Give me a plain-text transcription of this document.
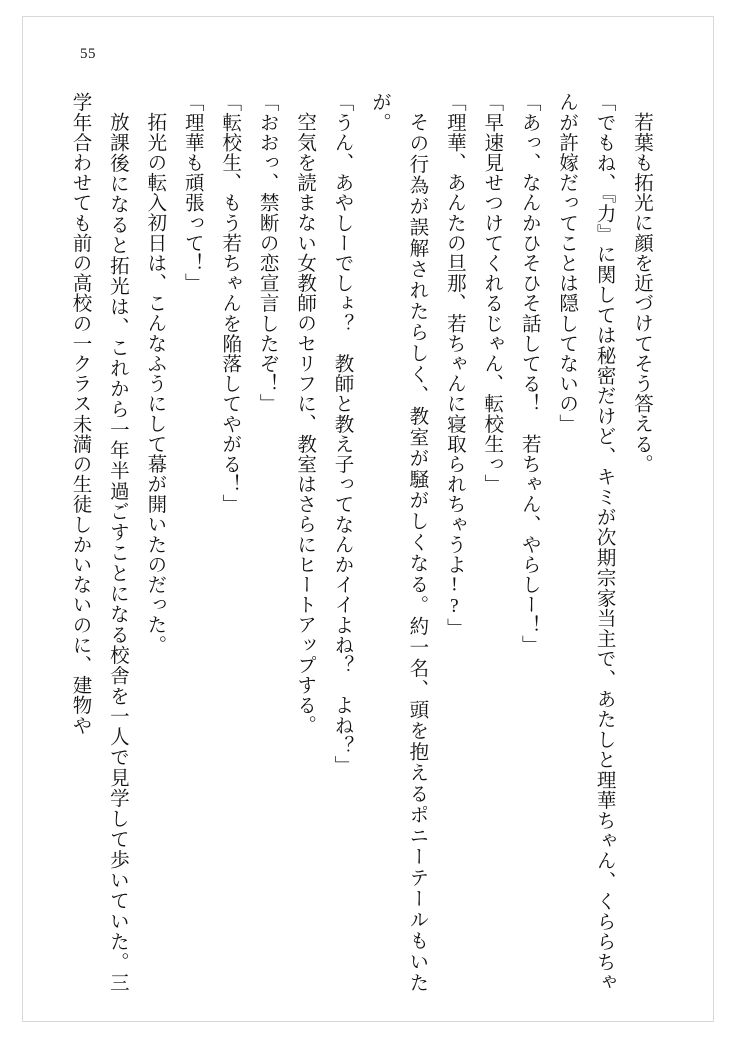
55

若葉も拓光に顔を近づけてそう答える。

「でもね、『力』に関しては秘密だけど、キミが次期宗家当主で、あたしと理華ちゃん、くららちゃんが許嫁だってことは隠してないの」

「あっ、なんかひそひそ話してる！　若ちゃん、やらしー！」

「早速見せつけてくれるじゃん、転校生っ」

「理華、あんたの旦那、若ちゃんに寝取られちゃうよ!?」

その行為が誤解されたらしく、教室が騒がしくなる。約一名、頭を抱えるポニーテールもいたが。

「うん、あやしーでしょ？　教師と教え子ってなんかイイよね？　よね？」

空気を読まない女教師のセリフに、教室はさらにヒートアップする。

「おおっ、禁断の恋宣言したぞ！」

「転校生、もう若ちゃんを陥落してやがる！」

「理華も頑張って！」

拓光の転入初日は、こんなふうにして幕が開いたのだった。

放課後になると拓光は、これから一年半過ごすことになる校舎を一人で見学して歩いていた。三学年合わせても前の高校の一クラス未満の生徒しかいないのに、建物や
